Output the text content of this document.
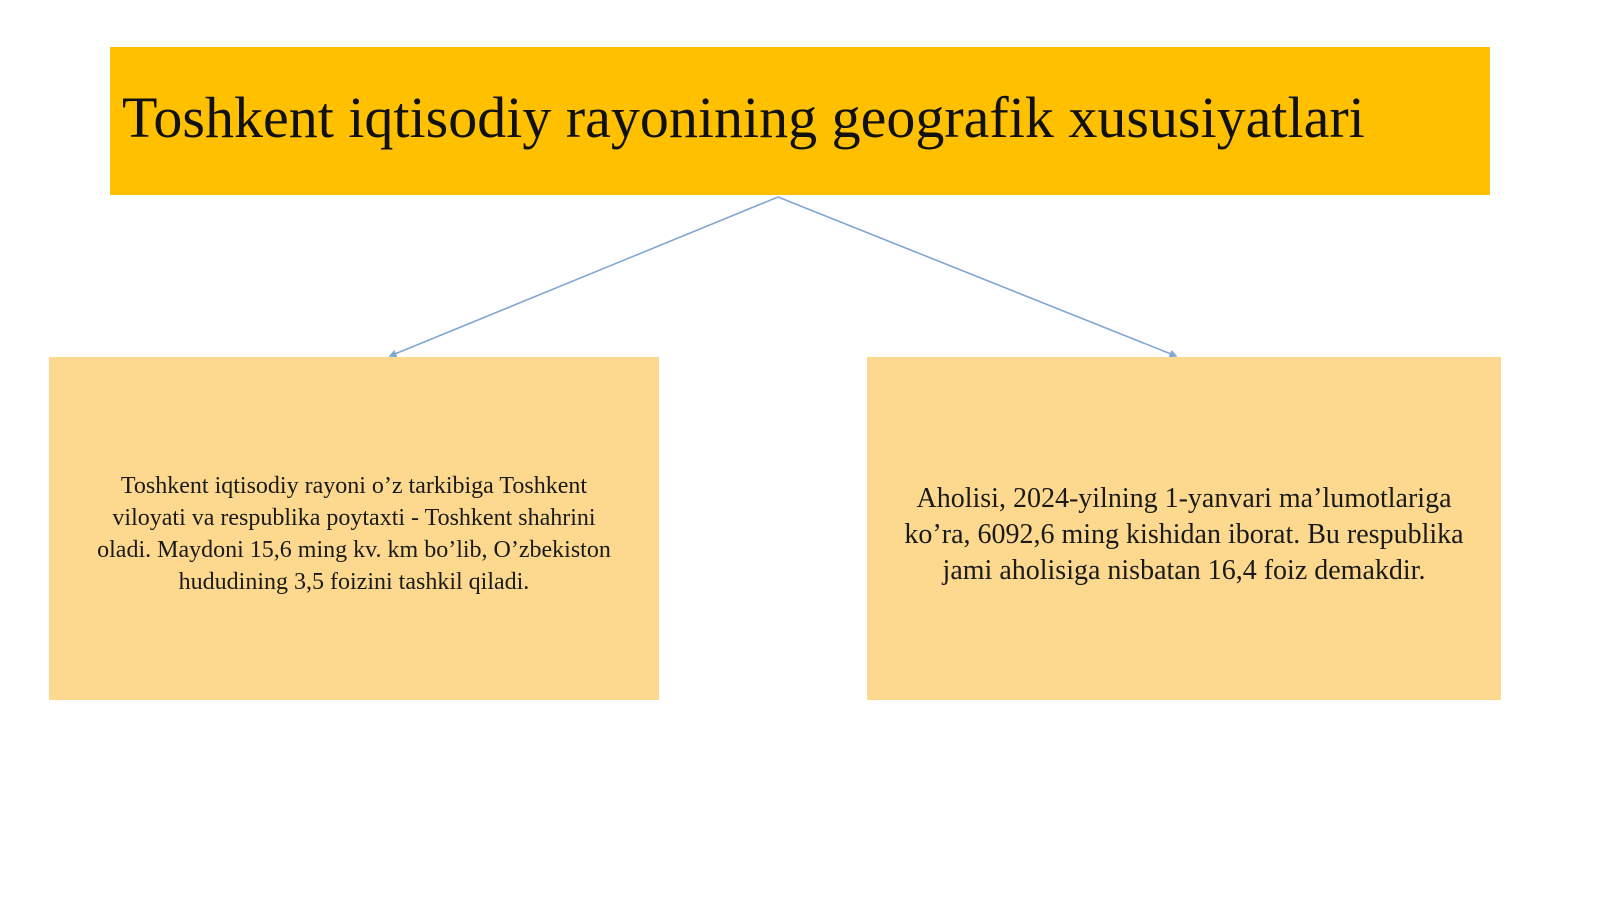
Toshkent iqtisodiy rayonining geografik xususiyatlari
Toshkent iqtisodiy rayoni o’z tarkibiga Toshkent
viloyati va respublika poytaxti - Toshkent shahrini
oladi. Maydoni 15,6 ming kv. km bo’lib, O’zbekiston
hududining 3,5 foizini tashkil qiladi.
Aholisi, 2024-yilning 1-yanvari ma’lumotlariga
ko’ra, 6092,6 ming kishidan iborat. Bu respublika
jami aholisiga nisbatan 16,4 foiz demakdir.
